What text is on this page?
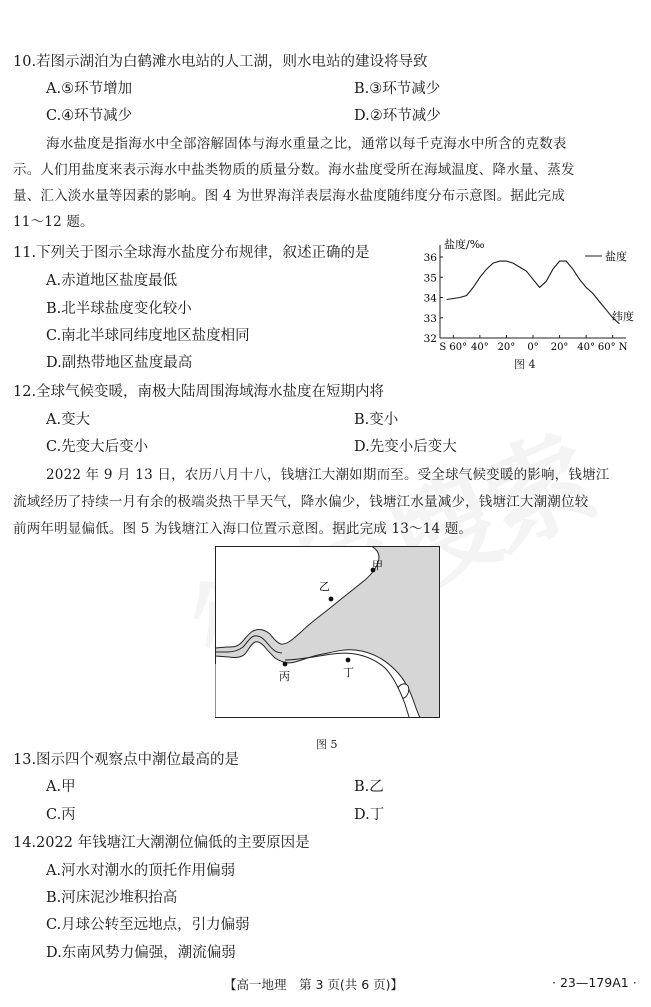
10.若图示湖泊为白鹤滩水电站的人工湖，则水电站的建设将导致
A.⑤环节增加	B.③环节减少
C.④环节减少	D.②环节减少
海水盐度是指海水中全部溶解固体与海水重量之比，通常以每千克海水中所含的克数表
示。人们用盐度来表示海水中盐类物质的质量分数。海水盐度受所在海域温度、降水量、蒸发
量、汇入淡水量等因素的影响。图 4 为世界海洋表层海水盐度随纬度分布示意图。据此完成
11～12 题。
11.下列关于图示全球海水盐度分布规律，叙述正确的是
A.赤道地区盐度最低
B.北半球盐度变化较小
C.南北半球同纬度地区盐度相同
D.副热带地区盐度最高
36
35
34
33
32
S 60° 40° 20° 0° 20° 40° 60° N
盐度/‰
盐度
纬度
图 4
12.全球气候变暖，南极大陆周围海域海水盐度在短期内将
A.变大	B.变小
C.先变大后变小	D.先变小后变大
2022 年 9 月 13 日，农历八月十八，钱塘江大潮如期而至。受全球气候变暖的影响，钱塘江
流域经历了持续一月有余的极端炎热干旱天气，降水偏少，钱塘江水量减少，钱塘江大潮潮位较
前两年明显偏低。图 5 为钱塘江入海口位置示意图。据此完成 13～14 题。
甲
乙
丙	丁
图 5
13.图示四个观察点中潮位最高的是
A.甲	B.乙
C.丙	D.丁
14.2022 年钱塘江大潮潮位偏低的主要原因是
A.河水对潮水的顶托作用偏弱
B.河床泥沙堆积抬高
C.月球公转至远地点，引力偏弱
D.东南风势力偏强，潮流偏弱
【高一地理　第 3 页(共 6 页)】	· 23—179A1 ·
